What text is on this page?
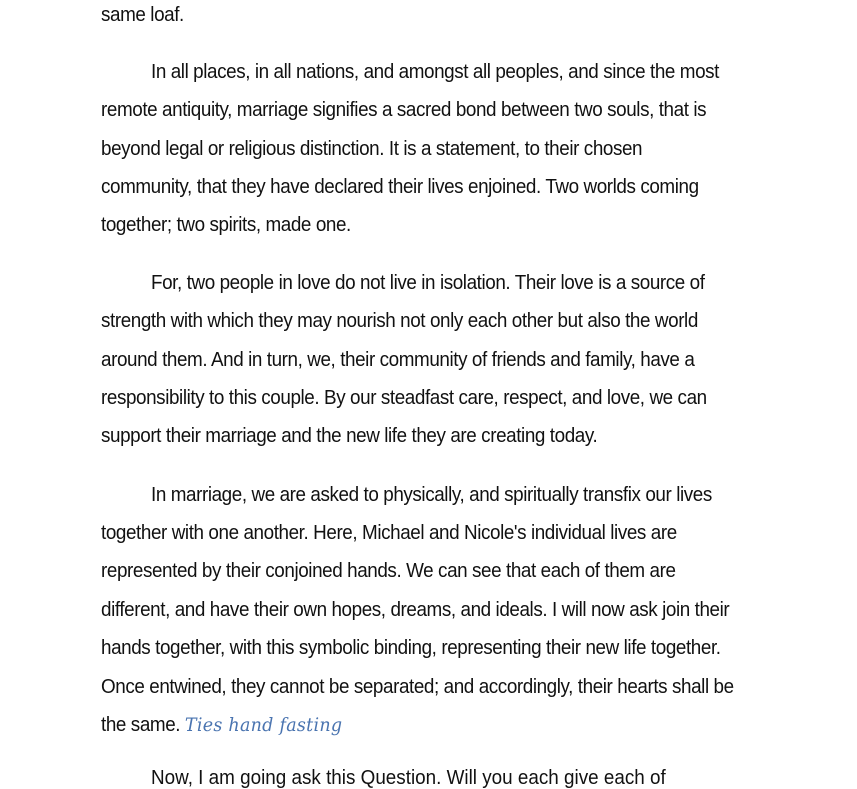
same loaf.
In all places, in all nations, and amongst all peoples, and since the most
remote antiquity, marriage signifies a sacred bond between two souls, that is
beyond legal or religious distinction. It is a statement, to their chosen
community, that they have declared their lives enjoined. Two worlds coming
together; two spirits, made one.
For, two people in love do not live in isolation. Their love is a source of
strength with which they may nourish not only each other but also the world
around them. And in turn, we, their community of friends and family, have a
responsibility to this couple. By our steadfast care, respect, and love, we can
support their marriage and the new life they are creating today.
In marriage, we are asked to physically, and spiritually transfix our lives
together with one another. Here, Michael and Nicole's individual lives are
represented by their conjoined hands. We can see that each of them are
different, and have their own hopes, dreams, and ideals. I will now ask join their
hands together, with this symbolic binding, representing their new life together.
Once entwined, they cannot be separated; and accordingly, their hearts shall be
the same. Ties hand fasting
Now, I am going ask this Question. Will you each give each of
